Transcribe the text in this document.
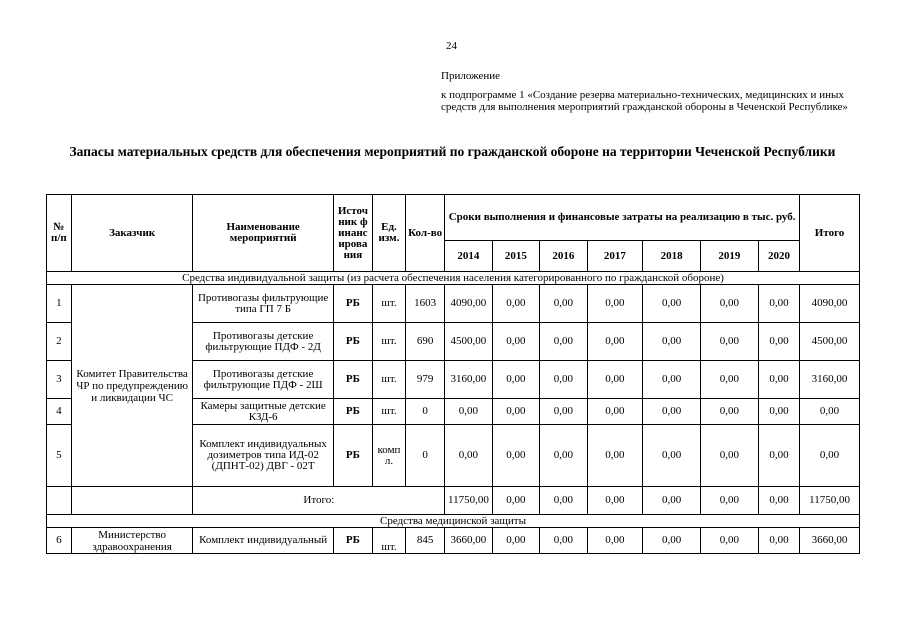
24
Приложение
к подпрограмме 1 «Создание резерва материально-технических, медицинских и иных средств для выполнения мероприятий гражданской обороны в Чеченской Республике»
Запасы материальных средств для обеспечения мероприятий по гражданской обороне на территории Чеченской Республики
№ п/п	Заказчик	Наименование мероприятий	Источник финансирования	Ед. изм.	Кол-во	Сроки выполнения и финансовые затраты на реализацию в тыс. руб.							Итого
						2014	2015	2016	2017	2018	2019	2020	
Средства индивидуальной защиты (из расчета обеспечения населения категорированного по гражданской обороне)													
1	Комитет Правительства ЧР по предупреждению и ликвидации ЧС	Противогазы фильтрующие типа ГП 7 Б	РБ	шт.	1603	4090,00	0,00	0,00	0,00	0,00	0,00	0,00	4090,00
2		Противогазы детские фильтрующие ПДФ - 2Д	РБ	шт.	690	4500,00	0,00	0,00	0,00	0,00	0,00	0,00	4500,00
3		Противогазы детские фильтрующие ПДФ - 2Ш	РБ	шт.	979	3160,00	0,00	0,00	0,00	0,00	0,00	0,00	3160,00
4		Камеры защитные детские КЗД-6	РБ	шт.	0	0,00	0,00	0,00	0,00	0,00	0,00	0,00	0,00
5		Комплект индивидуальных дозиметров типа ИД-02 (ДПНТ-02) ДВГ - 02Т	РБ	компл.	0	0,00	0,00	0,00	0,00	0,00	0,00	0,00	0,00
		Итого:				11750,00	0,00	0,00	0,00	0,00	0,00	0,00	11750,00
Средства медицинской защиты													
6	Министерство здравоохранения	Комплект индивидуальный	РБ	шт.	845	3660,00	0,00	0,00	0,00	0,00	0,00	0,00	3660,00
